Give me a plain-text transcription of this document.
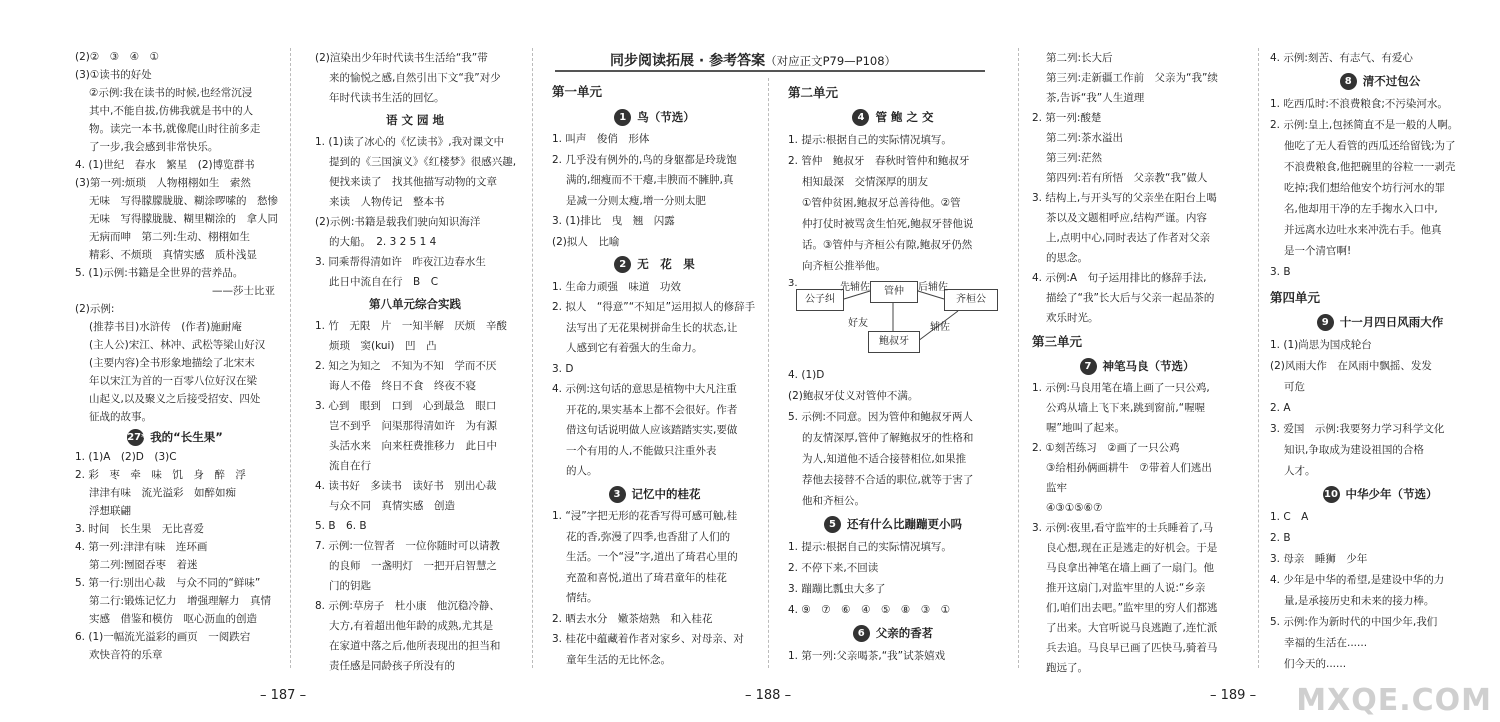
(2)②　③　④　①
(3)①读书的好处
②示例:我在读书的时候,也经常沉浸
其中,不能自拔,仿佛我就是书中的人
物。读完一本书,就像爬山时往前多走
了一步,我会感到非常快乐。
4. (1)世纪　春水　繁星　(2)博览群书
(3)第一列:烦琐　人物栩栩如生　索然
无味　写得朦朦胧胧、糊涂啰嗦的　愁惨
无味　写得朦胧胧、糊里糊涂的　拿人同
无病而呻　第二列:生动、栩栩如生
精彩、不烦琐　真情实感　质朴浅显
5. (1)示例:书籍是全世界的营养品。
——莎士比亚
(2)示例:
(推荐书目)水浒传　(作者)施耐庵
(主人公)宋江、林冲、武松等梁山好汉
(主要内容)全书形象地描绘了北宋末
年以宋江为首的一百零八位好汉在梁
山起义,以及聚义之后接受招安、四处
征战的故事。
27* 我的“长生果”
1. (1)A　(2)D　(3)C
2. 彩　枣　牵　味　饥　身　醉　浮
津津有味　流光溢彩　如醉如痴
浮想联翩
3. 时间　长生果　无比喜爱
4. 第一列:津津有味　连环画
第二列:囫囵吞枣　着迷
5. 第一行:别出心裁　与众不同的“鲜味”
第二行:锻炼记忆力　增强理解力　真情
实感　借鉴和模仿　呕心沥血的创造
6. (1)一幅流光溢彩的画页　一阅跌宕
欢快音符的乐章
(2)渲染出少年时代读书生活给“我”带
来的愉悦之感,自然引出下文“我”对少
年时代读书生活的回忆。
语 文 园 地
1. (1)读了冰心的《忆读书》,我对课文中
提到的《三国演义》《红楼梦》很感兴趣,
便找来读了　找其他描写动物的文章
来读　人物传记　整本书
(2)示例:书籍是载我们驶向知识海洋
的大船。　2. 3 2 5 1 4
3. 同乘帮得清如许　昨夜江边春水生
此日中流自在行　B　C
第八单元综合实践
1. 竹　无限　片　一知半解　厌烦　辛酸
烦琐　窦(kui)　凹　凸
2. 知之为知之　不知为不知　学而不厌
诲人不倦　终日不食　终夜不寝
3. 心到　眼到　口到　心到最急　眼口
岂不到乎　问渠那得清如许　为有源
头活水来　向来枉费推移力　此日中
流自在行
4. 读书好　多读书　读好书　别出心裁
与众不同　真情实感　创造
5. B　6. B
7. 示例:一位智者　一位你随时可以请教
的良师　一盏明灯　一把开启智慧之
门的钥匙
8. 示例:草房子　杜小康　他沉稳冷静、
大方,有着超出他年龄的成熟,尤其是
在家道中落之后,他所表现出的担当和
责任感是同龄孩子所没有的
– 187 –
同步阅读拓展 · 参考答案（对应正文P79—P108）
第一单元
1 鸟（节选）
1. 叫声　俊俏　形体
2. 几乎没有例外的,鸟的身躯都是玲珑饱
满的,细瘦而不干瘪,丰腴而不臃肿,真
是减一分则太瘦,增一分则太肥
3. (1)排比　曳　翘　闪露
(2)拟人　比喻
2 无　花　果
1. 生命力顽强　味道　功效
2. 拟人　“得意”“不知足”运用拟人的修辞手
法写出了无花果树拼命生长的状态,让
人感到它有着强大的生命力。
3. D
4. 示例:这句话的意思是植物中大凡注重
开花的,果实基本上都不会很好。作者
借这句话说明做人应该踏踏实实,要做
一个有用的人,不能做只注重外表
的人。
3 记忆中的桂花
1. “浸”字把无形的花香写得可感可触,桂
花的香,弥漫了四季,也香甜了人们的
生活。一个“浸”字,道出了琦君心里的
充盈和喜悦,道出了琦君童年的桂花
情结。
2. 晒去水分　嫩茶焙熟　和入桂花
3. 桂花中蕴藏着作者对家乡、对母亲、对
童年生活的无比怀念。
第二单元
4 管 鲍 之 交
1. 提示:根据自己的实际情况填写。
2. 管仲　鲍叔牙　春秋时管仲和鲍叔牙
相知最深　交情深厚的朋友
①管仲贫困,鲍叔牙总善待他。②管
仲打仗时被骂贪生怕死,鲍叔牙替他说
话。③管仲与齐桓公有隙,鲍叔牙仍然
向齐桓公推举他。
3.
公子纠
管仲
齐桓公
鲍叔牙
先辅佐	后辅佐
好友	辅佐
4. (1)D
(2)鲍叔牙仗义对管仲不满。
5. 示例:不同意。因为管仲和鲍叔牙两人
的友情深厚,管仲了解鲍叔牙的性格和
为人,知道他不适合接替相位,如果推
荐他去接替不合适的职位,就等于害了
他和齐桓公。
5 还有什么比蹦蹦更小吗
1. 提示:根据自己的实际情况填写。
2. 不停下来,不回读
3. 蹦蹦比瓢虫大多了
4. ⑨　⑦　⑥　④　⑤　⑧　③　①
6 父亲的香茗
1. 第一列:父亲喝茶,“我”试茶嬉戏
– 188 –
第二列:长大后
第三列:走新疆工作前　父亲为“我”续
茶,告诉“我”人生道理
2. 第一列:酸楚
第二列:茶水溢出
第三列:茫然
第四列:若有所悟　父亲教“我”做人
3. 结构上,与开头写的父亲坐在阳台上喝
茶以及文题相呼应,结构严谨。内容
上,点明中心,同时表达了作者对父亲
的思念。
4. 示例:A　句子运用排比的修辞手法,
描绘了“我”长大后与父亲一起品茶的
欢乐时光。
第三单元
7 神笔马良（节选）
1. 示例:马良用笔在墙上画了一只公鸡,
公鸡从墙上飞下来,跳到窗前,“喔喔
喔”地叫了起来。
2. ①刻苦练习　②画了一只公鸡
③给相孙俩画耕牛　⑦带着人们逃出
监牢
④③①⑤⑥⑦
3. 示例:夜里,看守监牢的士兵睡着了,马
良心想,现在正是逃走的好机会。于是
马良拿出神笔在墙上画了一扇门。他
推开这扇门,对监牢里的人说:“乡亲
们,咱们出去吧。”监牢里的穷人们都逃
了出来。大官听说马良逃跑了,连忙派
兵去追。马良早已画了匹快马,骑着马
跑远了。
4. 示例:刻苦、有志气、有爱心
8 清不过包公
1. 吃西瓜时:不浪费粮食;不污染河水。
2. 示例:皇上,包拯简直不是一般的人啊。
他吃了无人看管的西瓜还给留钱;为了
不浪费粮食,他把碗里的谷粒一一剥壳
吃掉;我们想给他安个坊行河水的罪
名,他却用干净的左手掬水入口中,
并远离水边吐水来冲洗右手。他真
是一个清官啊!
3. B
第四单元
9 十一月四日风雨大作
1. (1)尚思为国戍轮台
(2)风雨大作　在风雨中飘摇、发发
可危
2. A
3. 爱国　示例:我要努力学习科学文化
知识,争取成为建设祖国的合格
人才。
10 中华少年（节选）
1. C　A
2. B
3. 母亲　睡狮　少年
4. 少年是中华的希望,是建设中华的力
量,是承接历史和未来的接力棒。
5. 示例:作为新时代的中国少年,我们
幸福的生活在......
们今天的......
– 189 – MXQE.COM
